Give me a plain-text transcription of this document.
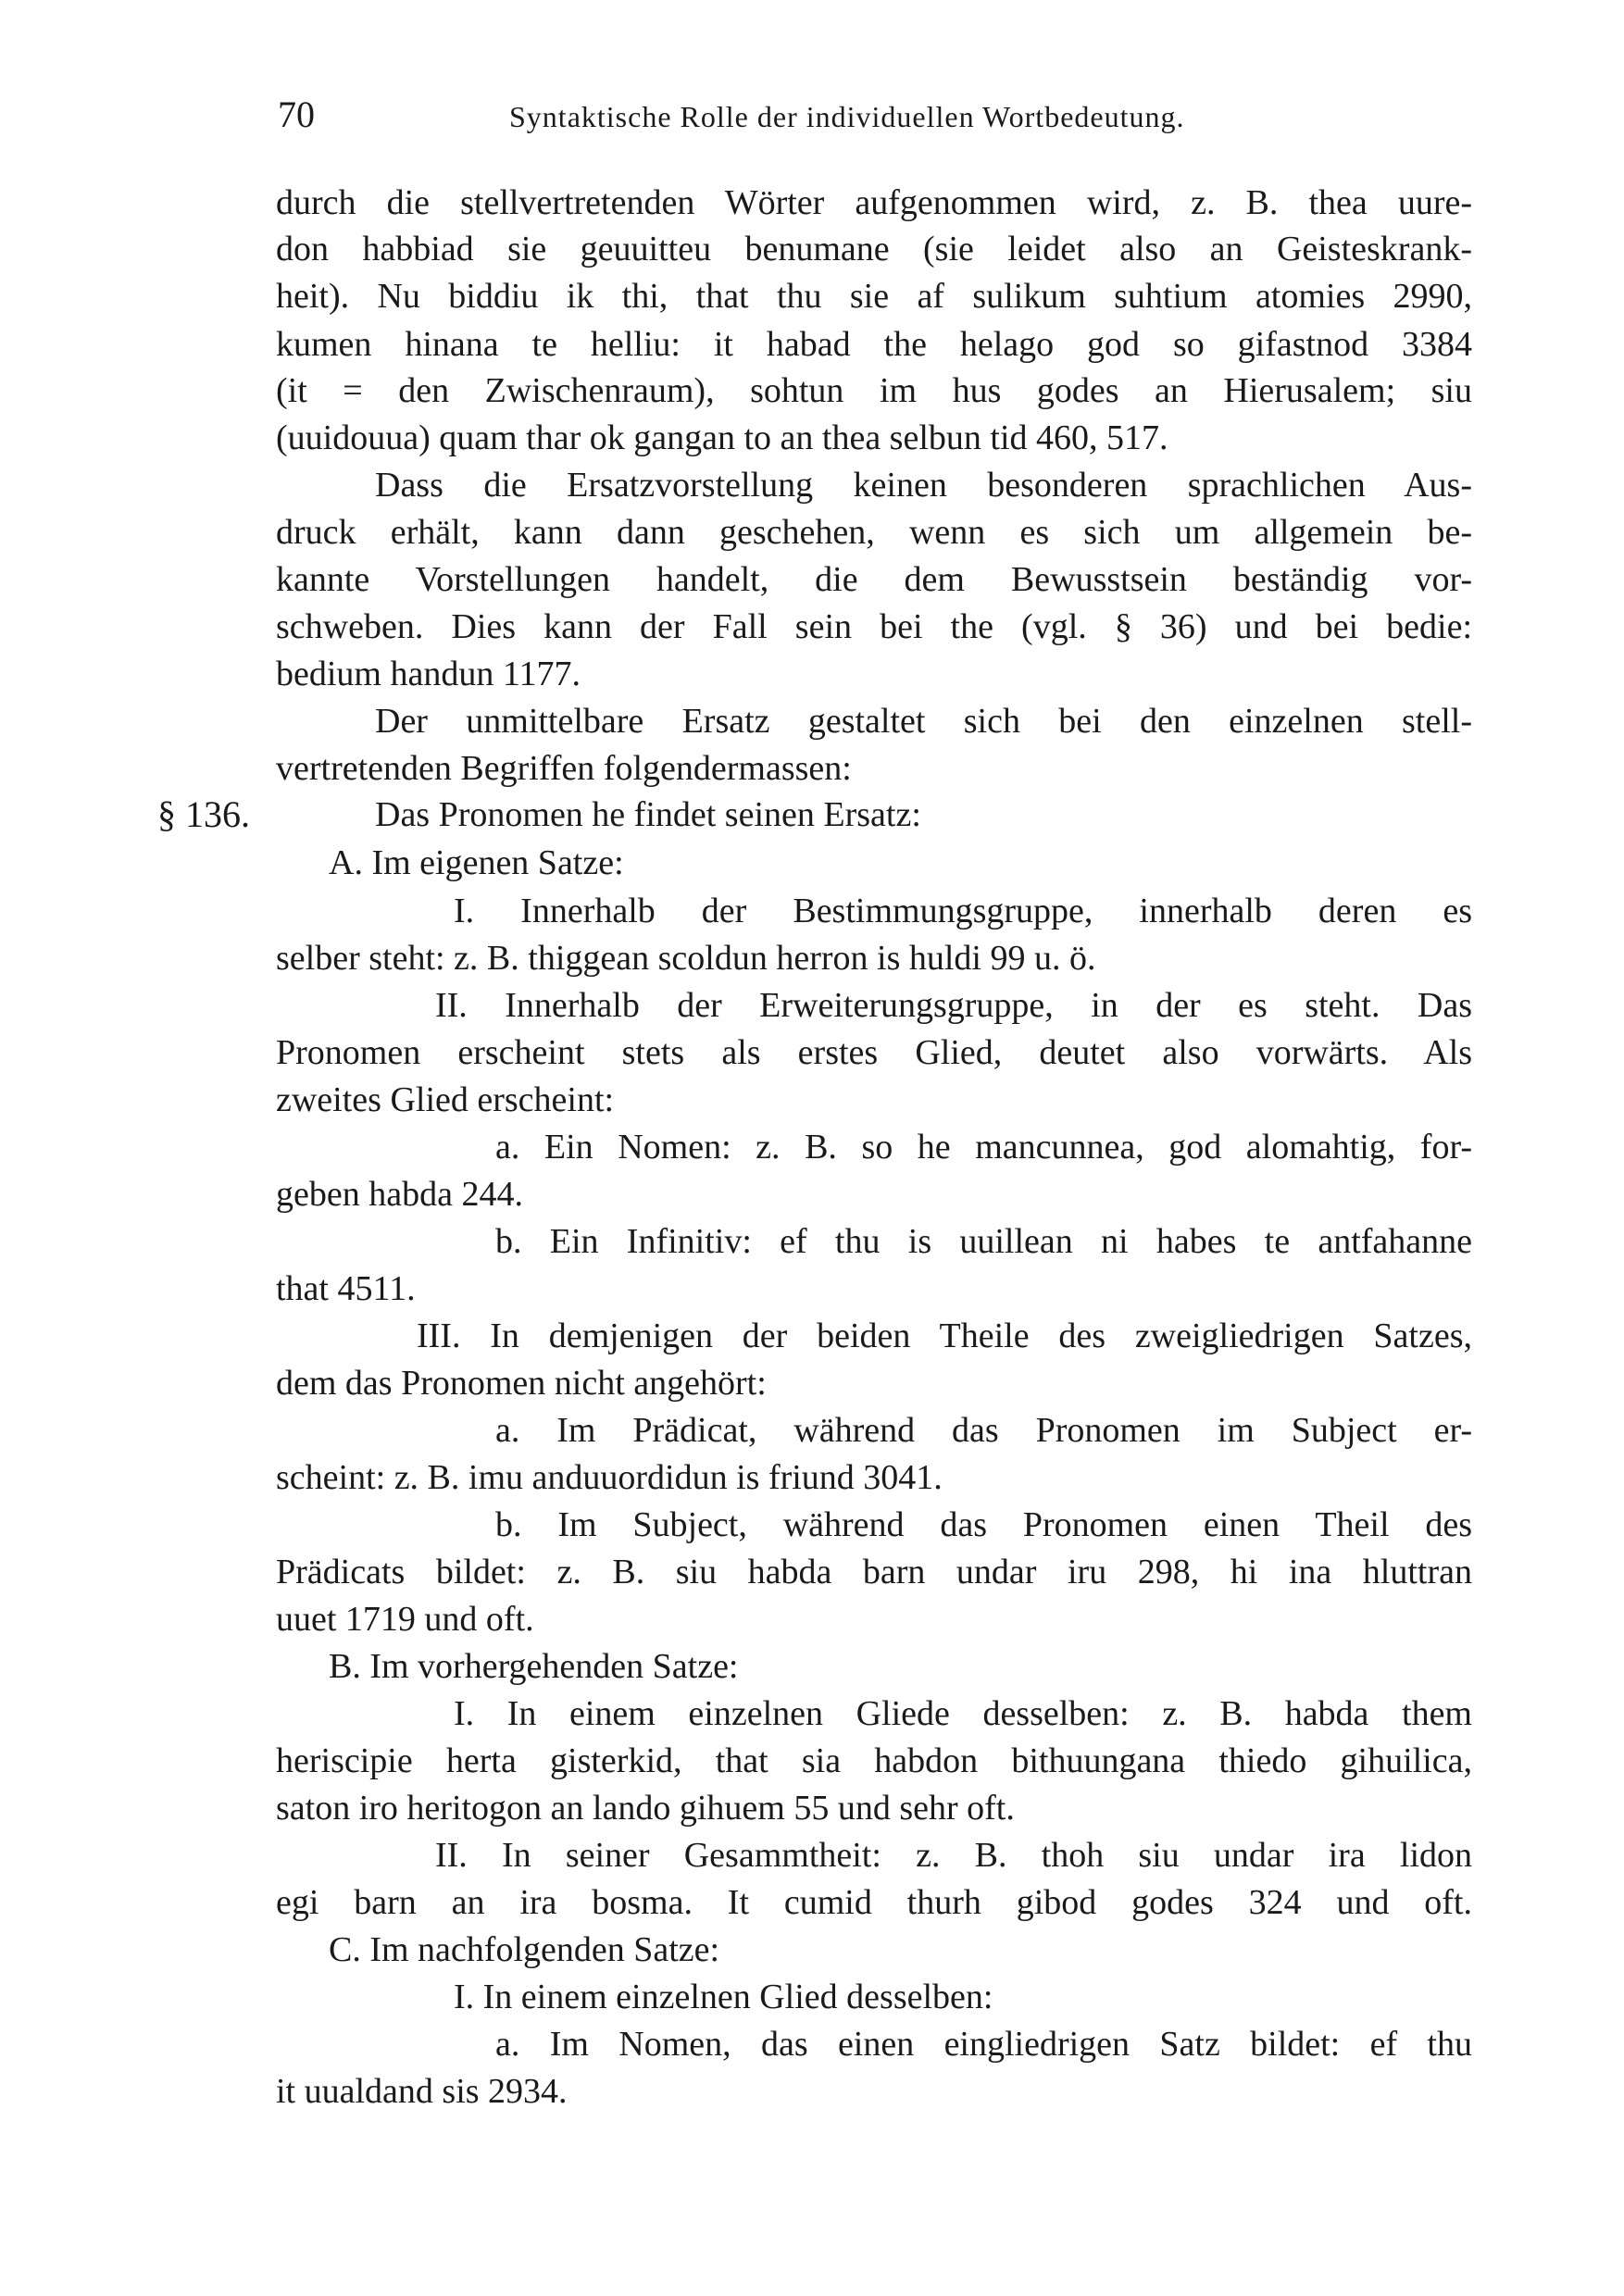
70	Syntaktische Rolle der individuellen Wortbedeutung.
durch die stellvertretenden Wörter aufgenommen wird, z. B. thea uure-
don habbiad sie geuuitteu benumane (sie leidet also an Geisteskrank-
heit). Nu biddiu ik thi, that thu sie af sulikum suhtium atomies 2990,
kumen hinana te helliu: it habad the helago god so gifastnod 3384
(it = den Zwischenraum), sohtun im hus godes an Hierusalem; siu
(uuidouua) quam thar ok gangan to an thea selbun tid 460, 517.
Dass die Ersatzvorstellung keinen besonderen sprachlichen Aus-
druck erhält, kann dann geschehen, wenn es sich um allgemein be-
kannte Vorstellungen handelt, die dem Bewusstsein beständig vor-
schweben. Dies kann der Fall sein bei the (vgl. § 36) und bei bedie:
bedium handun 1177.
Der unmittelbare Ersatz gestaltet sich bei den einzelnen stell-
vertretenden Begriffen folgendermassen:
§ 136.	Das Pronomen he findet seinen Ersatz:
A. Im eigenen Satze:
I. Innerhalb der Bestimmungsgruppe, innerhalb deren es
selber steht: z. B. thiggean scoldun herron is huldi 99 u. ö.
II. Innerhalb der Erweiterungsgruppe, in der es steht. Das
Pronomen erscheint stets als erstes Glied, deutet also vorwärts. Als
zweites Glied erscheint:
a. Ein Nomen: z. B. so he mancunnea, god alomahtig, for-
geben habda 244.
b. Ein Infinitiv: ef thu is uuillean ni habes te antfahanne
that 4511.
III. In demjenigen der beiden Theile des zweigliedrigen Satzes,
dem das Pronomen nicht angehört:
a. Im Prädicat, während das Pronomen im Subject er-
scheint: z. B. imu anduuordidun is friund 3041.
b. Im Subject, während das Pronomen einen Theil des
Prädicats bildet: z. B. siu habda barn undar iru 298, hi ina hluttran
uuet 1719 und oft.
B. Im vorhergehenden Satze:
I. In einem einzelnen Gliede desselben: z. B. habda them
heriscipie herta gisterkid, that sia habdon bithuungana thiedo gihuilica,
saton iro heritogon an lando gihuem 55 und sehr oft.
II. In seiner Gesammtheit: z. B. thoh siu undar ira lidon
egi barn an ira bosma. It cumid thurh gibod godes 324 und oft.
C. Im nachfolgenden Satze:
I. In einem einzelnen Glied desselben:
a. Im Nomen, das einen eingliedrigen Satz bildet: ef thu
it uualdand sis 2934.
